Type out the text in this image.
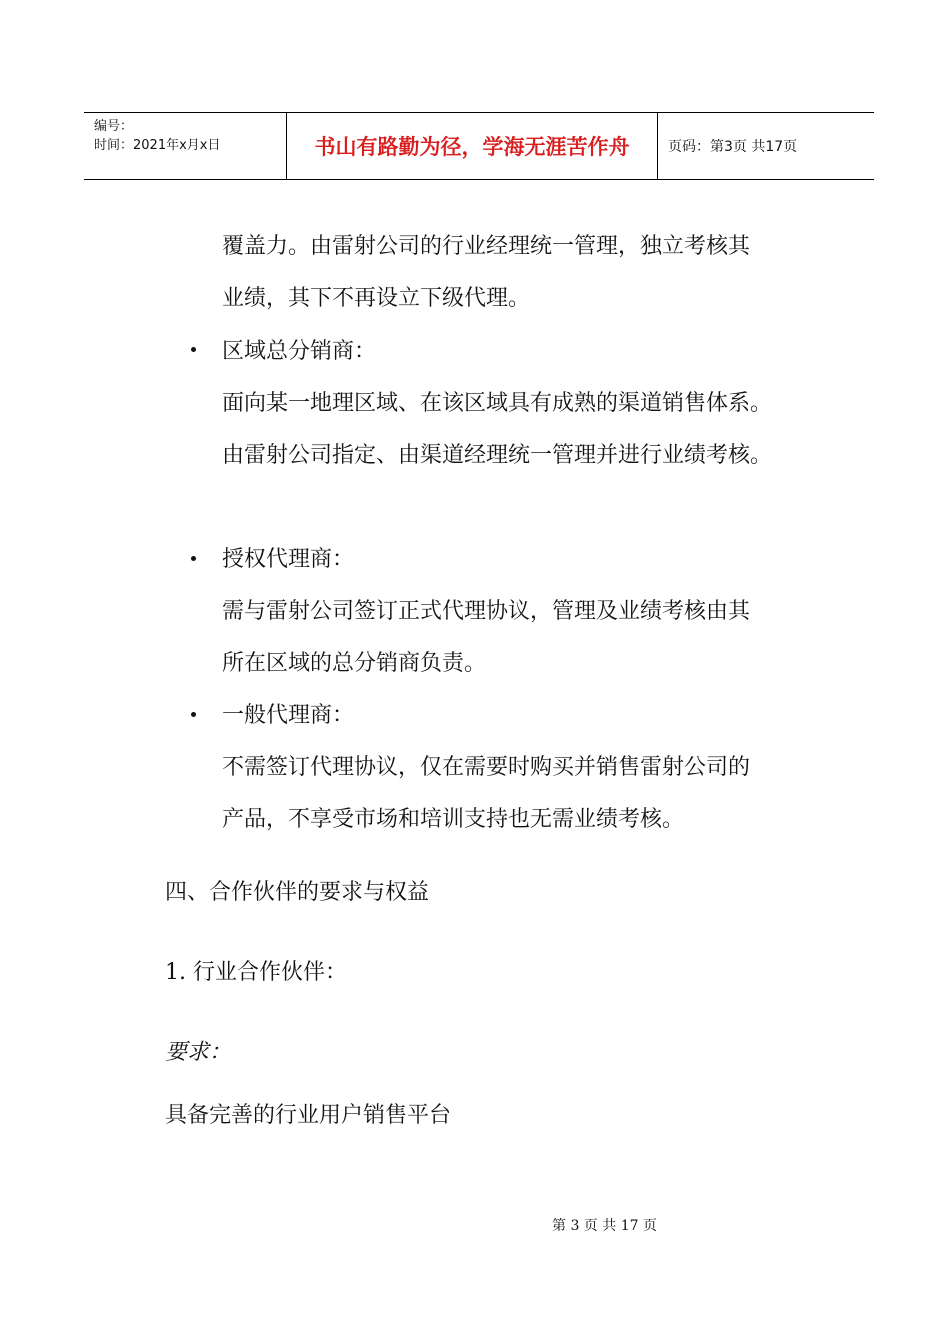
编号：
时间：2021年x月x日	书山有路勤为径，学海无涯苦作舟	页码：第3页 共17页
覆盖力。由雷射公司的行业经理统一管理，独立考核其
业绩，其下不再设立下级代理。
区域总分销商：
面向某一地理区域、在该区域具有成熟的渠道销售体系。
由雷射公司指定、由渠道经理统一管理并进行业绩考核。
授权代理商：
需与雷射公司签订正式代理协议，管理及业绩考核由其
所在区域的总分销商负责。
一般代理商：
不需签订代理协议，仅在需要时购买并销售雷射公司的
产品，不享受市场和培训支持也无需业绩考核。
四、合作伙伴的要求与权益
1. 行业合作伙伴：
要求：
具备完善的行业用户销售平台
第 3 页 共 17 页
